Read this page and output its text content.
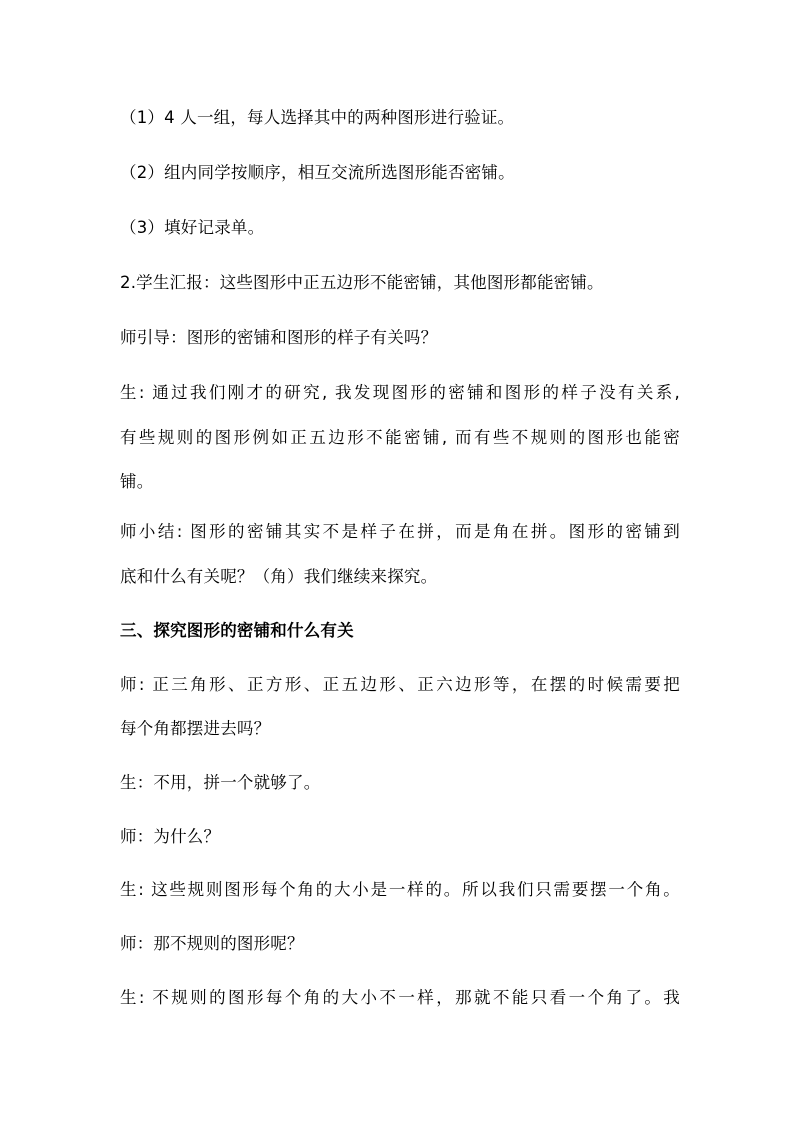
（1）4 人一组，每人选择其中的两种图形进行验证。
（2）组内同学按顺序，相互交流所选图形能否密铺。
（3）填好记录单。
2.学生汇报：这些图形中正五边形不能密铺，其他图形都能密铺。
师引导：图形的密铺和图形的样子有关吗？
生: 通过我们刚才的研究, 我发现图形的密铺和图形的样子没有关系,
有些规则的图形例如正五边形不能密铺, 而有些不规则的图形也能密
铺。
师小结: 图形的密铺其实不是样子在拼，而是角在拼。图形的密铺到
底和什么有关呢？（角）我们继续来探究。
三、探究图形的密铺和什么有关
师: 正三角形、正方形、正五边形、正六边形等，在摆的时候需要把
每个角都摆进去吗？
生：不用，拼一个就够了。
师：为什么？
生: 这些规则图形每个角的大小是一样的。所以我们只需要摆一个角。
师：那不规则的图形呢？
生: 不规则的图形每个角的大小不一样，那就不能只看一个角了。我
